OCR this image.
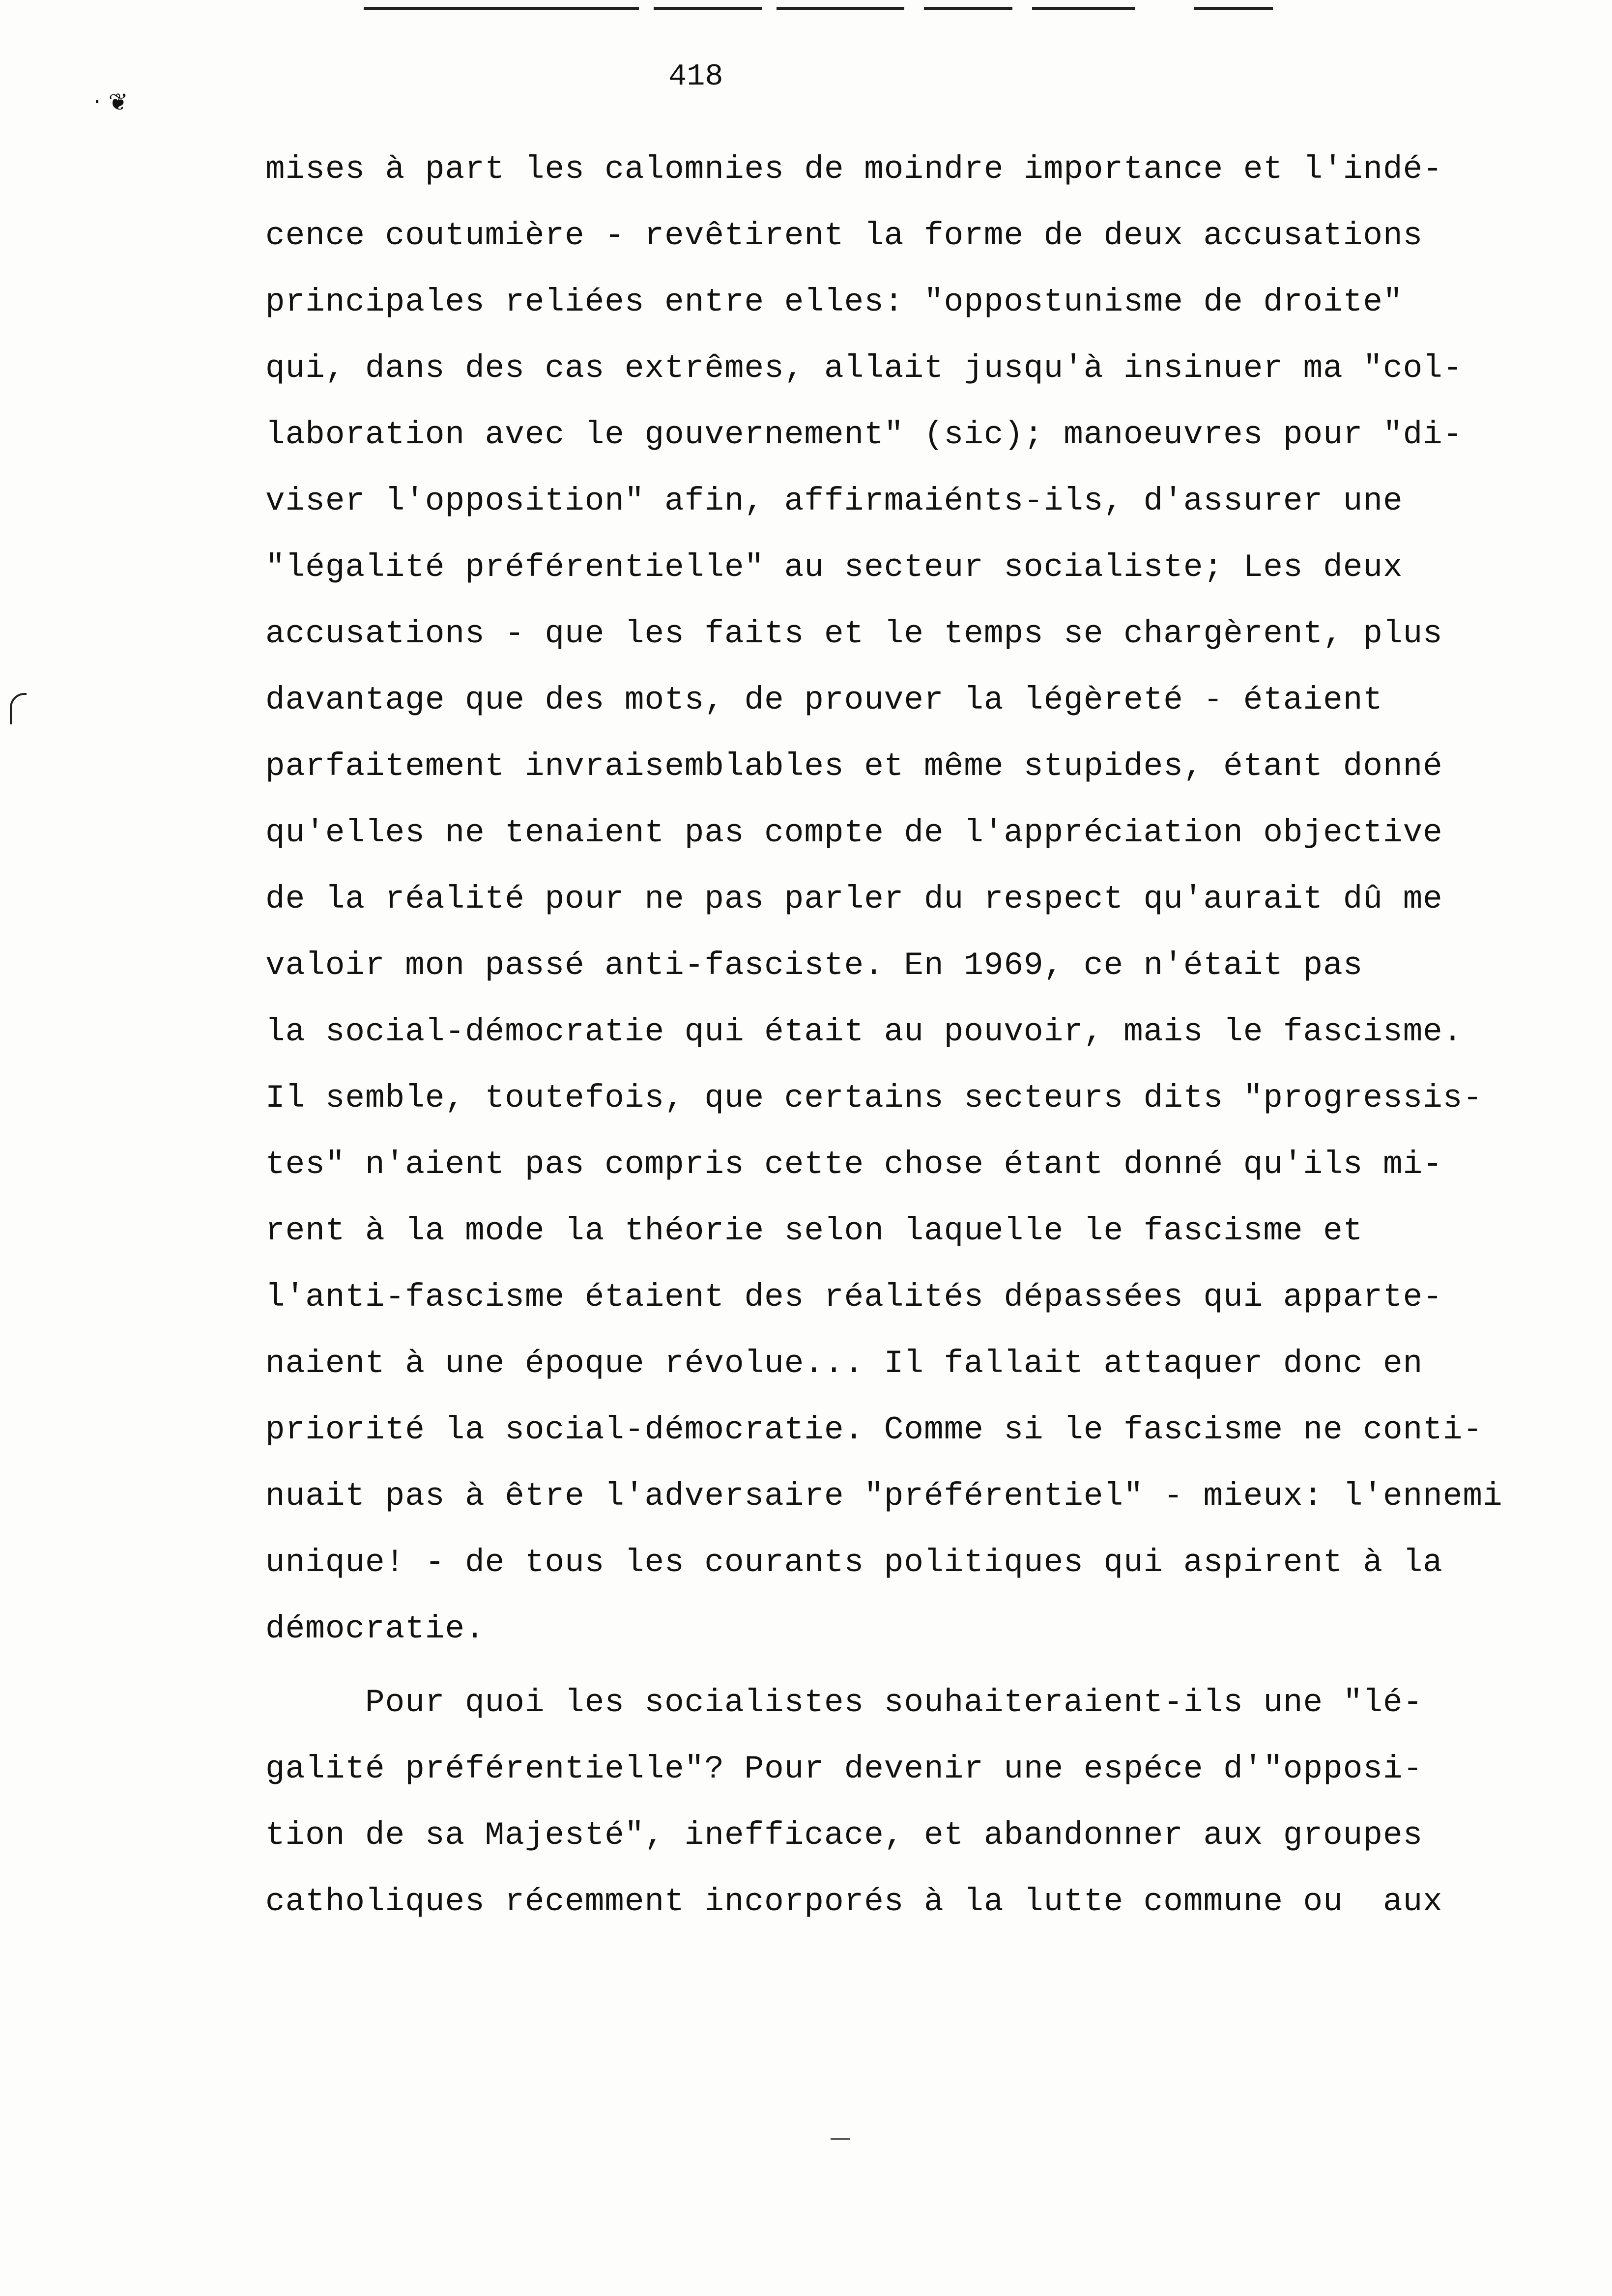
418
· ❦
mises à part les calomnies de moindre importance et l'indé-
cence coutumière - revêtirent la forme de deux accusations
principales reliées entre elles: "oppostunisme de droite"
qui, dans des cas extrêmes, allait jusqu'à insinuer ma "col-
laboration avec le gouvernement" (sic); manoeuvres pour "di-
viser l'opposition" afin, affirmaiénts-ils, d'assurer une
"légalité préférentielle" au secteur socialiste; Les deux
accusations - que les faits et le temps se chargèrent, plus
davantage que des mots, de prouver la légèreté - étaient
parfaitement invraisemblables et même stupides, étant donné
qu'elles ne tenaient pas compte de l'appréciation objective
de la réalité pour ne pas parler du respect qu'aurait dû me
valoir mon passé anti-fasciste. En 1969, ce n'était pas
la social-démocratie qui était au pouvoir, mais le fascisme.
Il semble, toutefois, que certains secteurs dits "progressis-
tes" n'aient pas compris cette chose étant donné qu'ils mi-
rent à la mode la théorie selon laquelle le fascisme et
l'anti-fascisme étaient des réalités dépassées qui apparte-
naient à une époque révolue... Il fallait attaquer donc en
priorité la social-démocratie. Comme si le fascisme ne conti-
nuait pas à être l'adversaire "préférentiel" - mieux: l'ennemi
unique! - de tous les courants politiques qui aspirent à la
démocratie.
Pour quoi les socialistes souhaiteraient-ils une "lé-
galité préférentielle"? Pour devenir une espéce d'"opposi-
tion de sa Majesté", inefficace, et abandonner aux groupes
catholiques récemment incorporés à la lutte commune ou  aux
